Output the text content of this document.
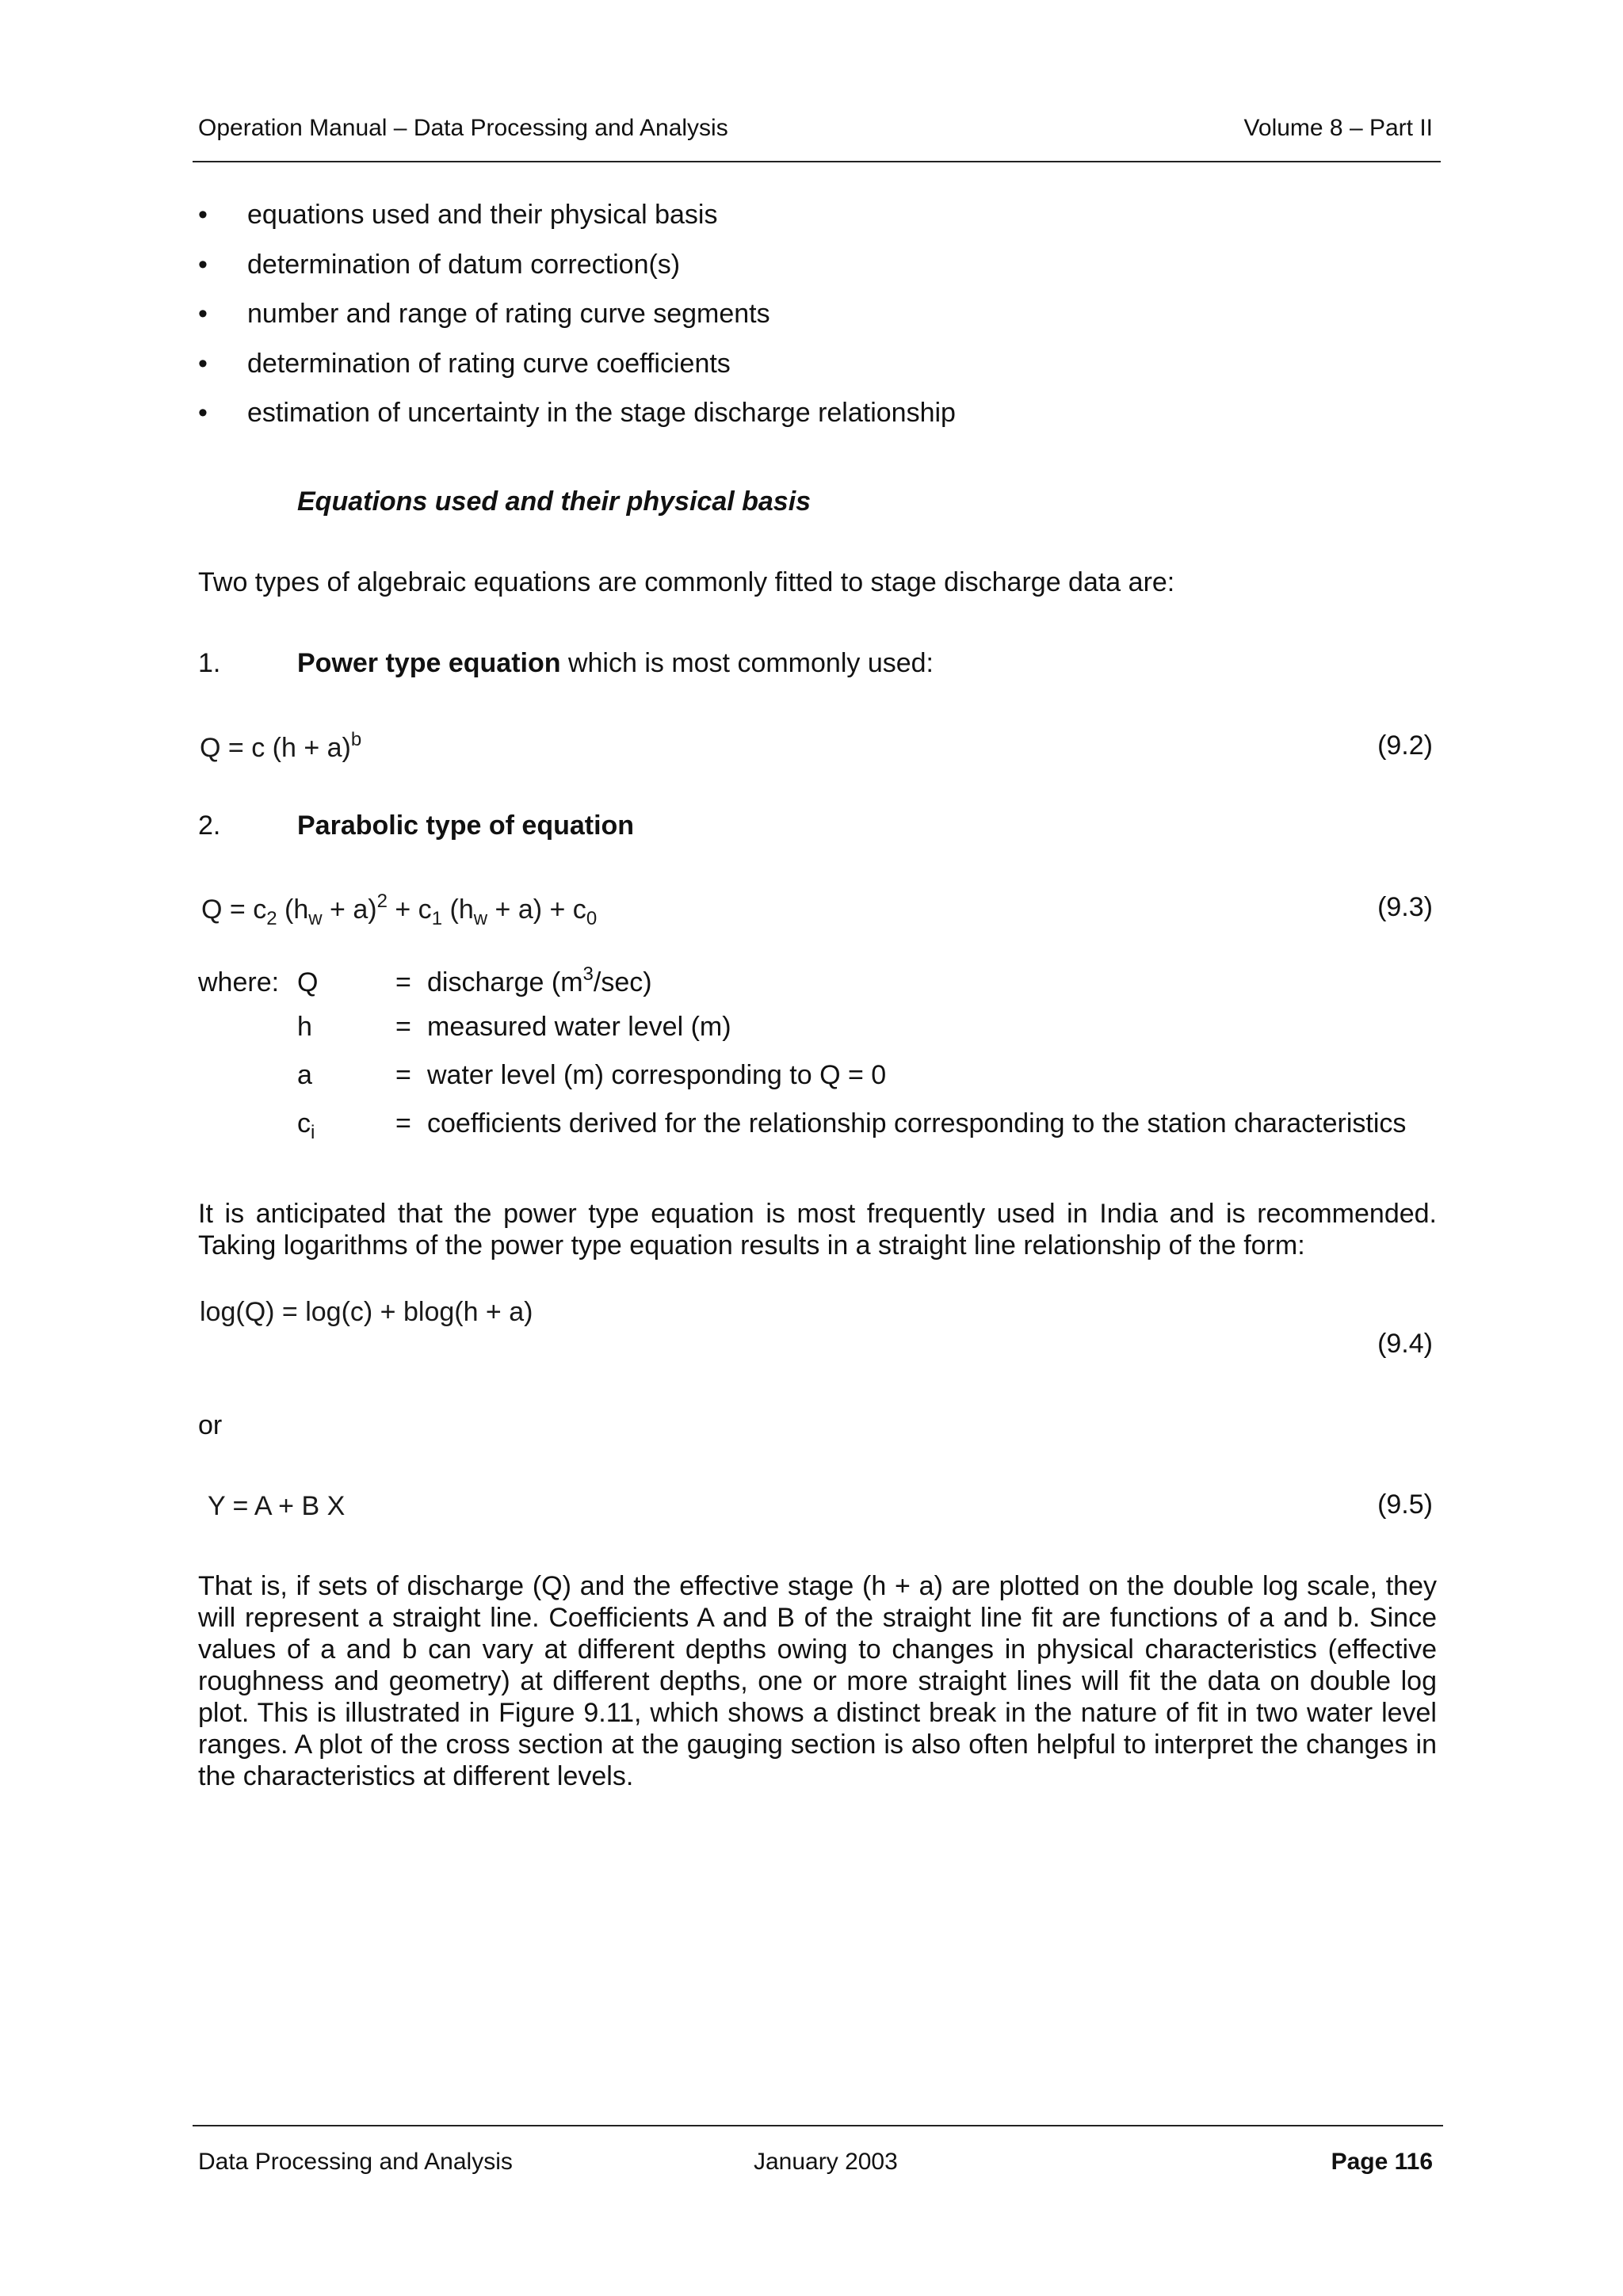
Operation Manual – Data Processing and Analysis	Volume 8 – Part II
• equations used and their physical basis
• determination of datum correction(s)
• number and range of rating curve segments
• determination of rating curve coefficients
• estimation of uncertainty in the stage discharge relationship
Equations used and their physical basis
Two types of algebraic equations are commonly fitted to stage discharge data are:
1.	Power type equation which is most commonly used:
Q = c $(h + a)^b$	(9.2)
2.	Parabolic type of equation
$Q = c_2$ $(h_w + a)^2 + c_1$ $(h_w + a) + c_0$	(9.3)
where: Q	= discharge $(m^3/\sec)$
h	= measured water level (m)
a	= water level (m) corresponding to Q = 0
$c_i$	= coefficients derived for the relationship corresponding to the station characteristics
It is anticipated that the power type equation is most frequently used in India and is recommended. Taking logarithms of the power type equation results in a straight line relationship of the form:
log(Q) = log(c) + blog(h + a)
(9.4)
or
Y = A + B X	(9.5)
That is, if sets of discharge (Q) and the effective stage (h + a) are plotted on the double log scale, they will represent a straight line. Coefficients A and B of the straight line fit are functions of a and b. Since values of a and b can vary at different depths owing to changes in physical characteristics (effective roughness and geometry) at different depths, one or more straight lines will fit the data on double log plot. This is illustrated in Figure 9.11, which shows a distinct break in the nature of fit in two water level ranges. A plot of the cross section at the gauging section is also often helpful to interpret the changes in the characteristics at different levels.
Data Processing and Analysis	January 2003	Page 116
